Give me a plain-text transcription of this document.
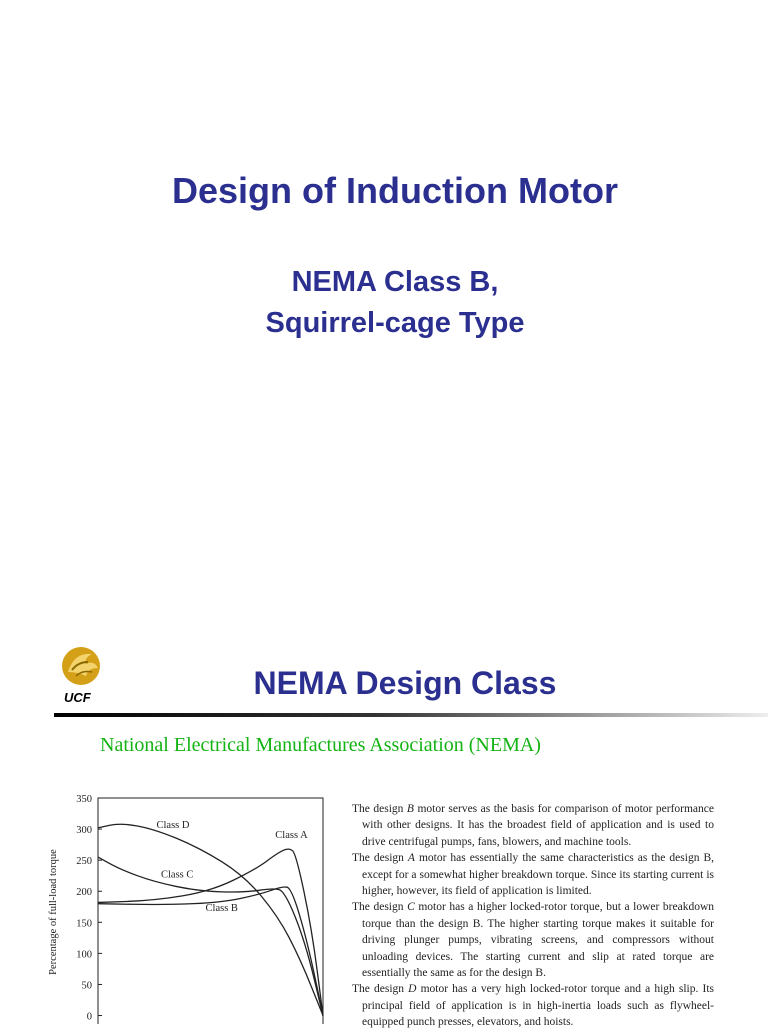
Design of Induction Motor
NEMA Class B,
Squirrel-cage Type
UCF	NEMA Design Class
National Electrical Manufactures Association (NEMA)
Percentage of full-load torque
350
300
250
200
150
100
50
0
Class D
Class A
Class C
Class B

The design B motor serves as the basis for comparison of motor performance with other designs. It has the broadest field of application and is used to drive centrifugal pumps, fans, blowers, and machine tools.

The design A motor has essentially the same characteristics as the design B, except for a somewhat higher breakdown torque. Since its starting current is higher, however, its field of application is limited.

The design C motor has a higher locked-rotor torque, but a lower breakdown torque than the design B. The higher starting torque makes it suitable for driving plunger pumps, vibrating screens, and compressors without unloading devices. The starting current and slip at rated torque are essentially the same as for the design B.

The design D motor has a very high locked-rotor torque and a high slip. Its principal field of application is in high-inertia loads such as flywheel-equipped punch presses, elevators, and hoists.
